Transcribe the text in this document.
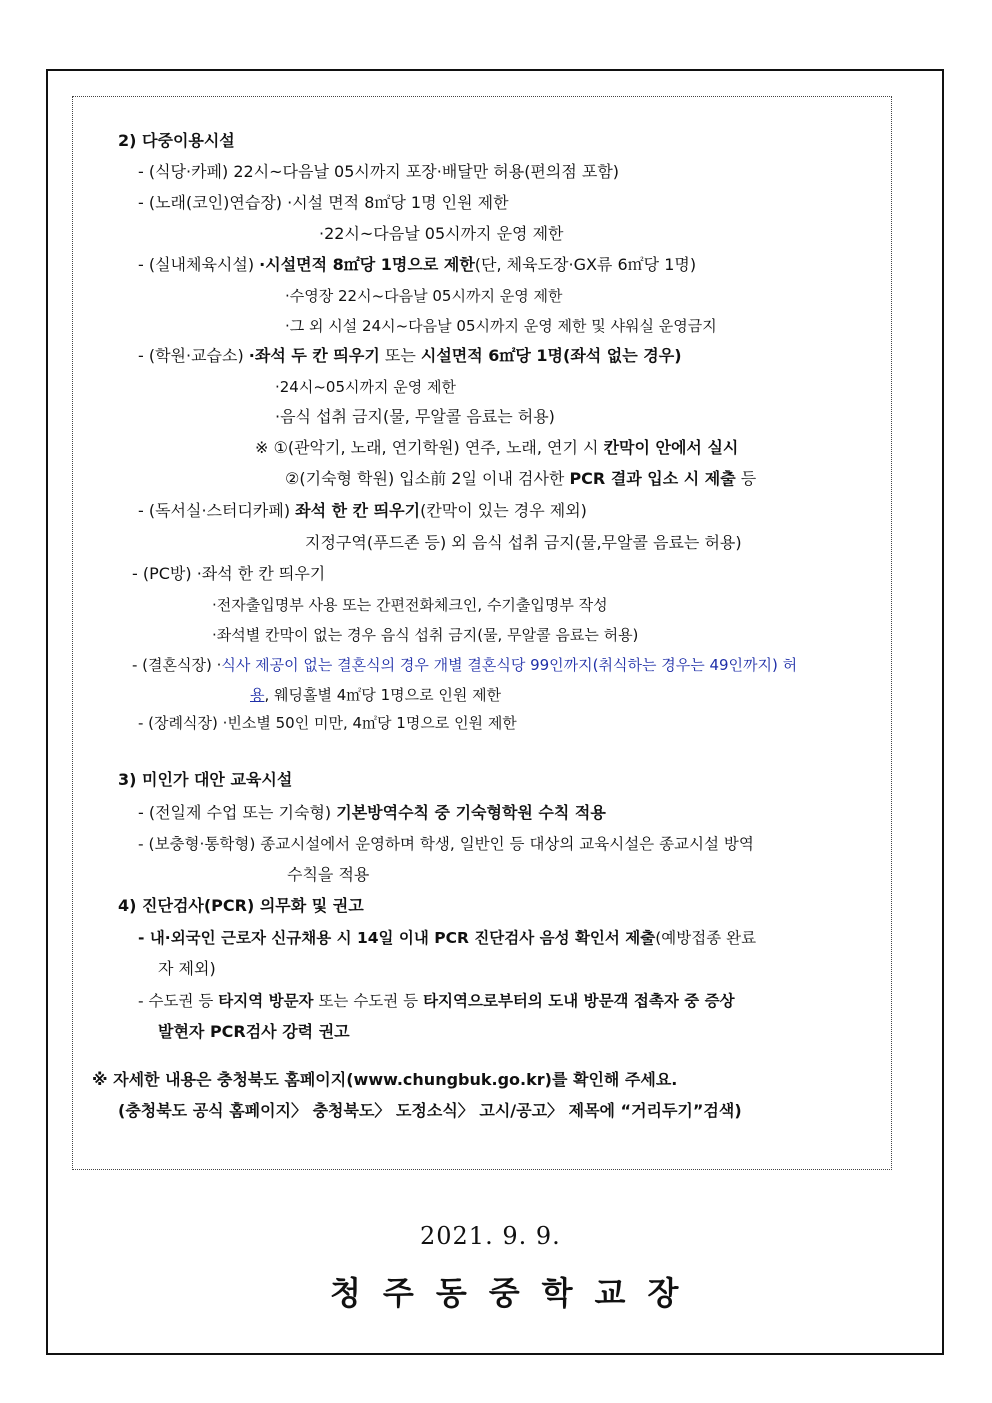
2) 다중이용시설
- (식당·카페) 22시~다음날 05시까지 포장·배달만 허용(편의점 포함)
- (노래(코인)연습장) ·시설 면적 8㎡당 1명 인원 제한
·22시~다음날 05시까지 운영 제한
- (실내체육시설) ·시설면적 8㎡당 1명으로 제한(단, 체육도장·GX류 6㎡당 1명)
·수영장 22시~다음날 05시까지 운영 제한
·그 외 시설 24시~다음날 05시까지 운영 제한 및 샤워실 운영금지
- (학원·교습소) ·좌석 두 칸 띄우기 또는 시설면적 6㎡당 1명(좌석 없는 경우)
·24시~05시까지 운영 제한
·음식 섭취 금지(물, 무알콜 음료는 허용)
※ ①(관악기, 노래, 연기학원) 연주, 노래, 연기 시 칸막이 안에서 실시
②(기숙형 학원) 입소前 2일 이내 검사한 PCR 결과 입소 시 제출 등
- (독서실·스터디카페) 좌석 한 칸 띄우기(칸막이 있는 경우 제외)
지정구역(푸드존 등) 외 음식 섭취 금지(물,무알콜 음료는 허용)
- (PC방) ·좌석 한 칸 띄우기
·전자출입명부 사용 또는 간편전화체크인, 수기출입명부 작성
·좌석별 칸막이 없는 경우 음식 섭취 금지(물, 무알콜 음료는 허용)
- (결혼식장) ·식사 제공이 없는 결혼식의 경우 개별 결혼식당 99인까지(취식하는 경우는 49인까지) 허
용, 웨딩홀별 4㎡당 1명으로 인원 제한
- (장례식장) ·빈소별 50인 미만, 4㎡당 1명으로 인원 제한
3) 미인가 대안 교육시설
- (전일제 수업 또는 기숙형) 기본방역수칙 중 기숙형학원 수칙 적용
- (보충형·통학형) 종교시설에서 운영하며 학생, 일반인 등 대상의 교육시설은 종교시설 방역
수칙을 적용
4) 진단검사(PCR) 의무화 및 권고
- 내·외국인 근로자 신규채용 시 14일 이내 PCR 진단검사 음성 확인서 제출(예방접종 완료
자 제외)
- 수도권 등 타지역 방문자 또는 수도권 등 타지역으로부터의 도내 방문객 접촉자 중 증상
발현자 PCR검사 강력 권고
※ 자세한 내용은 충청북도 홈페이지(www.chungbuk.go.kr)를 확인해 주세요.
(충청북도 공식 홈페이지〉 충청북도〉 도정소식〉 고시/공고〉 제목에 “거리두기”검색)
2021. 9. 9.
청주동중학교장
